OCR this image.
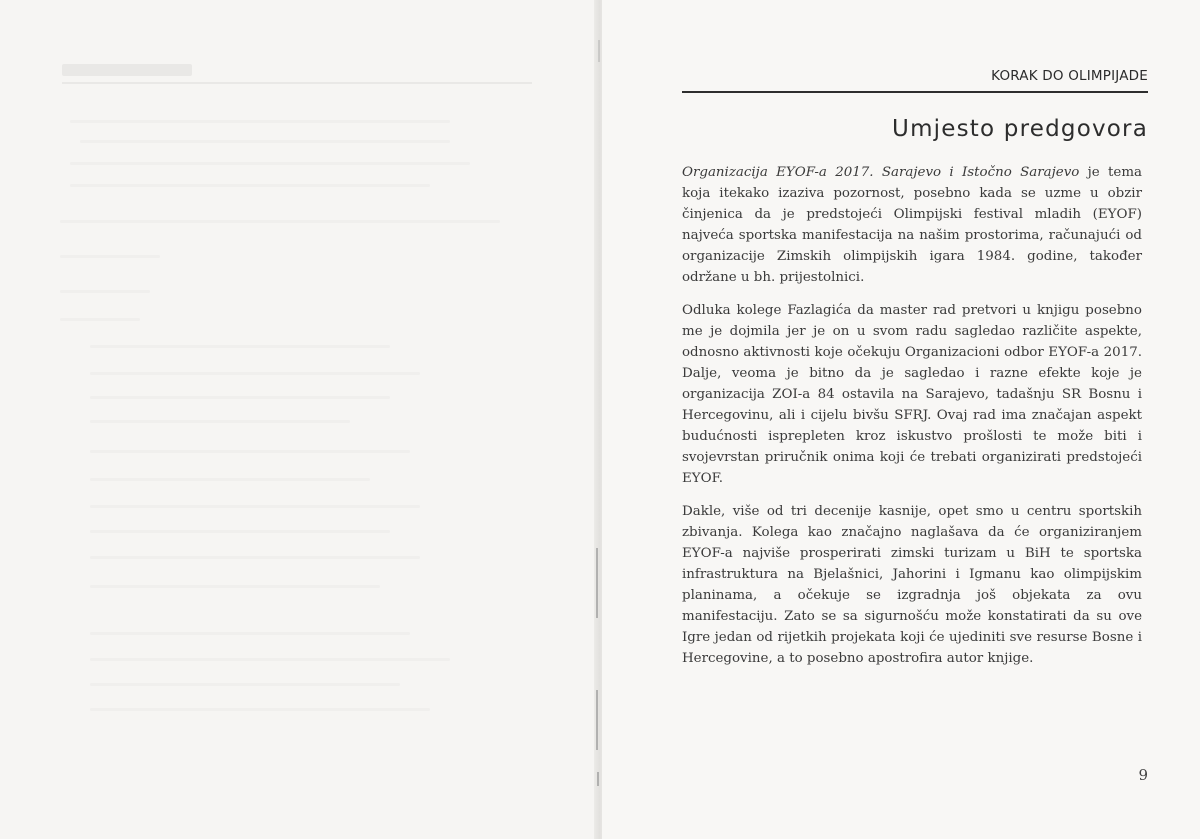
KORAK DO OLIMPIJADE
Umjesto predgovora

Organizacija EYOF-a 2017. Sarajevo i Istočno Sarajevo je tema koja itekako izaziva pozornost, posebno kada se uzme u obzir činjenica da je predstojeći Olimpijski festival mladih (EYOF) najveća sportska manifestacija na našim prostorima, računajući od organizacije Zimskih olimpijskih igara 1984. godine, također održane u bh. prijestolnici.

Odluka kolege Fazlagića da master rad pretvori u knjigu posebno me je dojmila jer je on u svom radu sagledao različite aspekte, odnosno aktivnosti koje očekuju Organizacioni odbor EYOF-a 2017. Dalje, veoma je bitno da je sagledao i razne efekte koje je organizacija ZOI-a 84 ostavila na Sarajevo, tadašnju SR Bosnu i Hercegovinu, ali i cijelu bivšu SFRJ. Ovaj rad ima značajan aspekt budućnosti isprepleten kroz iskustvo prošlosti te može biti i svojevrstan priručnik onima koji će trebati organizirati predstojeći EYOF.

Dakle, više od tri decenije kasnije, opet smo u centru sportskih zbivanja. Kolega kao značajno naglašava da će organiziranjem EYOF-a najviše prosperirati zimski turizam u BiH te sportska infrastruktura na Bjelašnici, Jahorini i Igmanu kao olimpijskim planinama, a očekuje se izgradnja još objekata za ovu manifestaciju. Zato se sa sigurnošću može konstatirati da su ove Igre jedan od rijetkih projekata koji će ujediniti sve resurse Bosne i Hercegovine, a to posebno apostrofira autor knjige.

9
